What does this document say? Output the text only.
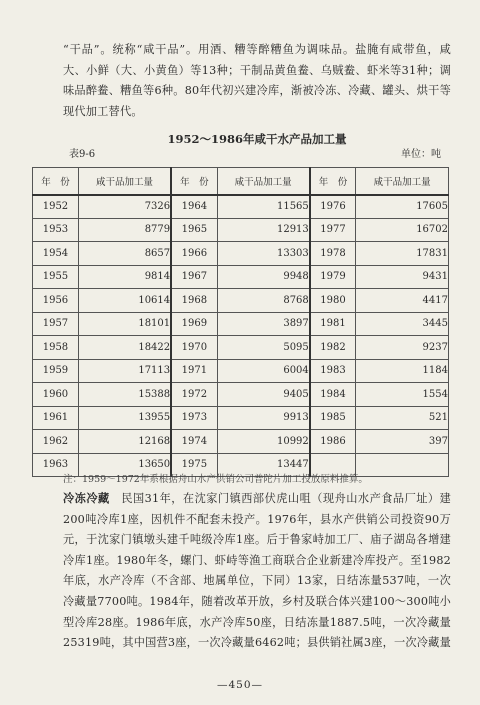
“干品”。统称“咸干品”。用酒、糟等醉糟鱼为调味品。盐腌有咸带鱼，咸大、小鲜（大、小黄鱼）等13种；干制品黄鱼鲞、乌贼鲞、虾米等31种；调味品醉鲞、糟鱼等6种。80年代初兴建冷库，渐被冷冻、冷藏、罐头、烘干等现代加工替代。
1952～1986年咸干水产品加工量
表9-6	单位：吨
年　份	咸干品加工量	年　份	咸干品加工量	年　份	咸干品加工量
1952	7326	1964	11565	1976	17605
1953	8779	1965	12913	1977	16702
1954	8657	1966	13303	1978	17831
1955	9814	1967	9948	1979	9431
1956	10614	1968	8768	1980	4417
1957	18101	1969	3897	1981	3445
1958	18422	1970	5095	1982	9237
1959	17113	1971	6004	1983	1184
1960	15388	1972	9405	1984	1554
1961	13955	1973	9913	1985	521
1962	12168	1974	10992	1986	397
1963	13650	1975	13447		
注：1959～1972年系根据舟山水产供销公司普陀片加工投放原料推算。
冷冻冷藏　民国31年，在沈家门镇西部伏虎山咀（现舟山水产食品厂址）建200吨冷库1座，因机件不配套未投产。1976年，县水产供销公司投资90万元，于沈家门镇墩头建千吨级冷库1座。后于鲁家峙加工厂、庙子湖岛各增建冷库1座。1980年冬，螺门、虾峙等渔工商联合企业新建冷库投产。至1982年底，水产冷库（不含部、地属单位，下同）13家，日结冻量537吨，一次冷藏量7700吨。1984年，随着改革开放，乡村及联合体兴建100～300吨小型冷库28座。1986年底，水产冷库50座，日结冻量1887.5吨，一次冷藏量25319吨，其中国营3座，一次冷藏量6462吨；县供销社属3座，一次冷藏量
—450—
